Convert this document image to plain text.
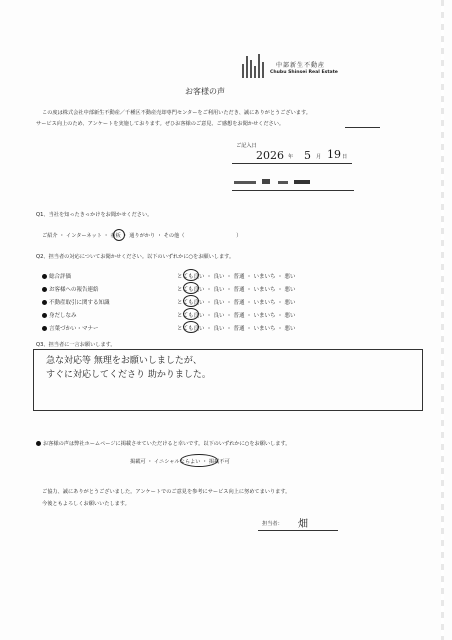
中部新生不動産
Chubu Shinsei Real Estate
お客様の声
この度は株式会社中部新生不動産／千種区不動産売却専門センターをご利用いただき、誠にありがとうございます。
サービス向上のため、アンケートを実施しております。ぜひお客様のご意見、ご感想をお聞かせください。
ご記入日
2026 年 5 月 19 日
Q1、当社を知ったきっかけをお聞かせください。
ご紹介 ・ インターネット ・ 看板 ・ 通りがかり ・ その他（　　　　　　　　　　）
Q2、担当者の対応についてお聞かせください。以下のいずれかに○をお願いします。
総合評価	とても良い ・ 良い ・ 普通 ・ いまいち ・ 悪い
お客様への報告連絡	とても良い ・ 良い ・ 普通 ・ いまいち ・ 悪い
不動産取引に関する知識	とても良い ・ 良い ・ 普通 ・ いまいち ・ 悪い
身だしなみ	とても良い ・ 良い ・ 普通 ・ いまいち ・ 悪い
言葉づかい・マナー	とても良い ・ 良い ・ 普通 ・ いまいち ・ 悪い
Q3、担当者に一言お願いします。
急な対応等 無理をお願いしましたが、
すぐに対応してくださり 助かりました。
お客様の声は弊社ホームページに掲載させていただけると幸いです。以下のいずれかに○をお願いします。
掲載可 ・ イニシャルならよい ・ 掲載不可
ご協力、誠にありがとうございました。アンケートでのご意見を参考にサービス向上に努めてまいります。
今後ともよろしくお願いいたします。
担当者： 畑
